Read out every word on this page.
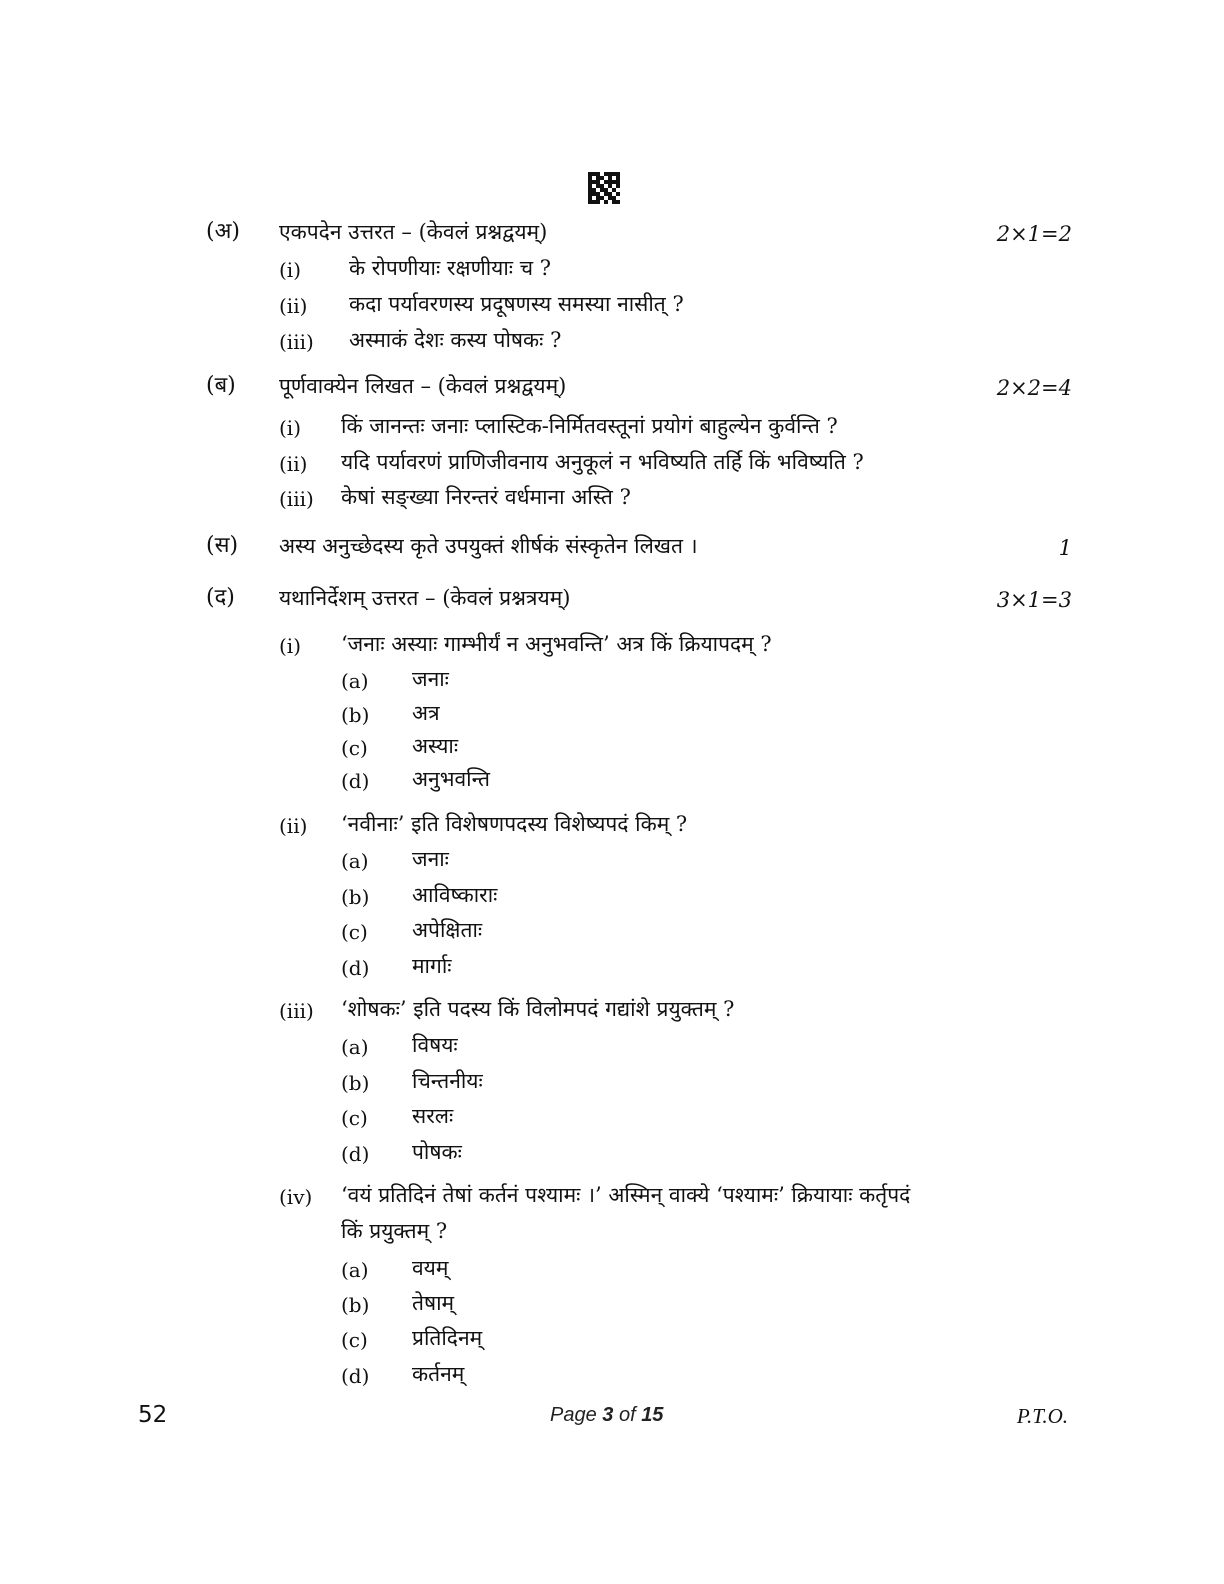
(अ) एकपदेन उत्तरत – (केवलं प्रश्नद्वयम्)	2×1=2
(i) के रोपणीयाः रक्षणीयाः च ?
(ii) कदा पर्यावरणस्य प्रदूषणस्य समस्या नासीत् ?
(iii) अस्माकं देशः कस्य पोषकः ?
(ब) पूर्णवाक्येन लिखत – (केवलं प्रश्नद्वयम्)	2×2=4
(i) किं जानन्तः जनाः प्लास्टिक-निर्मितवस्तूनां प्रयोगं बाहुल्येन कुर्वन्ति ?
(ii) यदि पर्यावरणं प्राणिजीवनाय अनुकूलं न भविष्यति तर्हि किं भविष्यति ?
(iii) केषां सङ्ख्या निरन्तरं वर्धमाना अस्ति ?
(स) अस्य अनुच्छेदस्य कृते उपयुक्तं शीर्षकं संस्कृतेन लिखत ।	1
(द) यथानिर्देशम् उत्तरत – (केवलं प्रश्नत्रयम्)	3×1=3
(i) ‘जनाः अस्याः गाम्भीर्यं न अनुभवन्ति’ अत्र किं क्रियापदम् ?
(a) जनाः
(b) अत्र
(c) अस्याः
(d) अनुभवन्ति
(ii) ‘नवीनाः’ इति विशेषणपदस्य विशेष्यपदं किम् ?
(a) जनाः
(b) आविष्काराः
(c) अपेक्षिताः
(d) मार्गाः
(iii) ‘शोषकः’ इति पदस्य किं विलोमपदं गद्यांशे प्रयुक्तम् ?
(a) विषयः
(b) चिन्तनीयः
(c) सरलः
(d) पोषकः
(iv) ‘वयं प्रतिदिनं तेषां कर्तनं पश्यामः ।’ अस्मिन् वाक्ये ‘पश्यामः’ क्रियायाः कर्तृपदं
किं प्रयुक्तम् ?
(a) वयम्
(b) तेषाम्
(c) प्रतिदिनम्
(d) कर्तनम्
52	Page 3 of 15	P.T.O.
